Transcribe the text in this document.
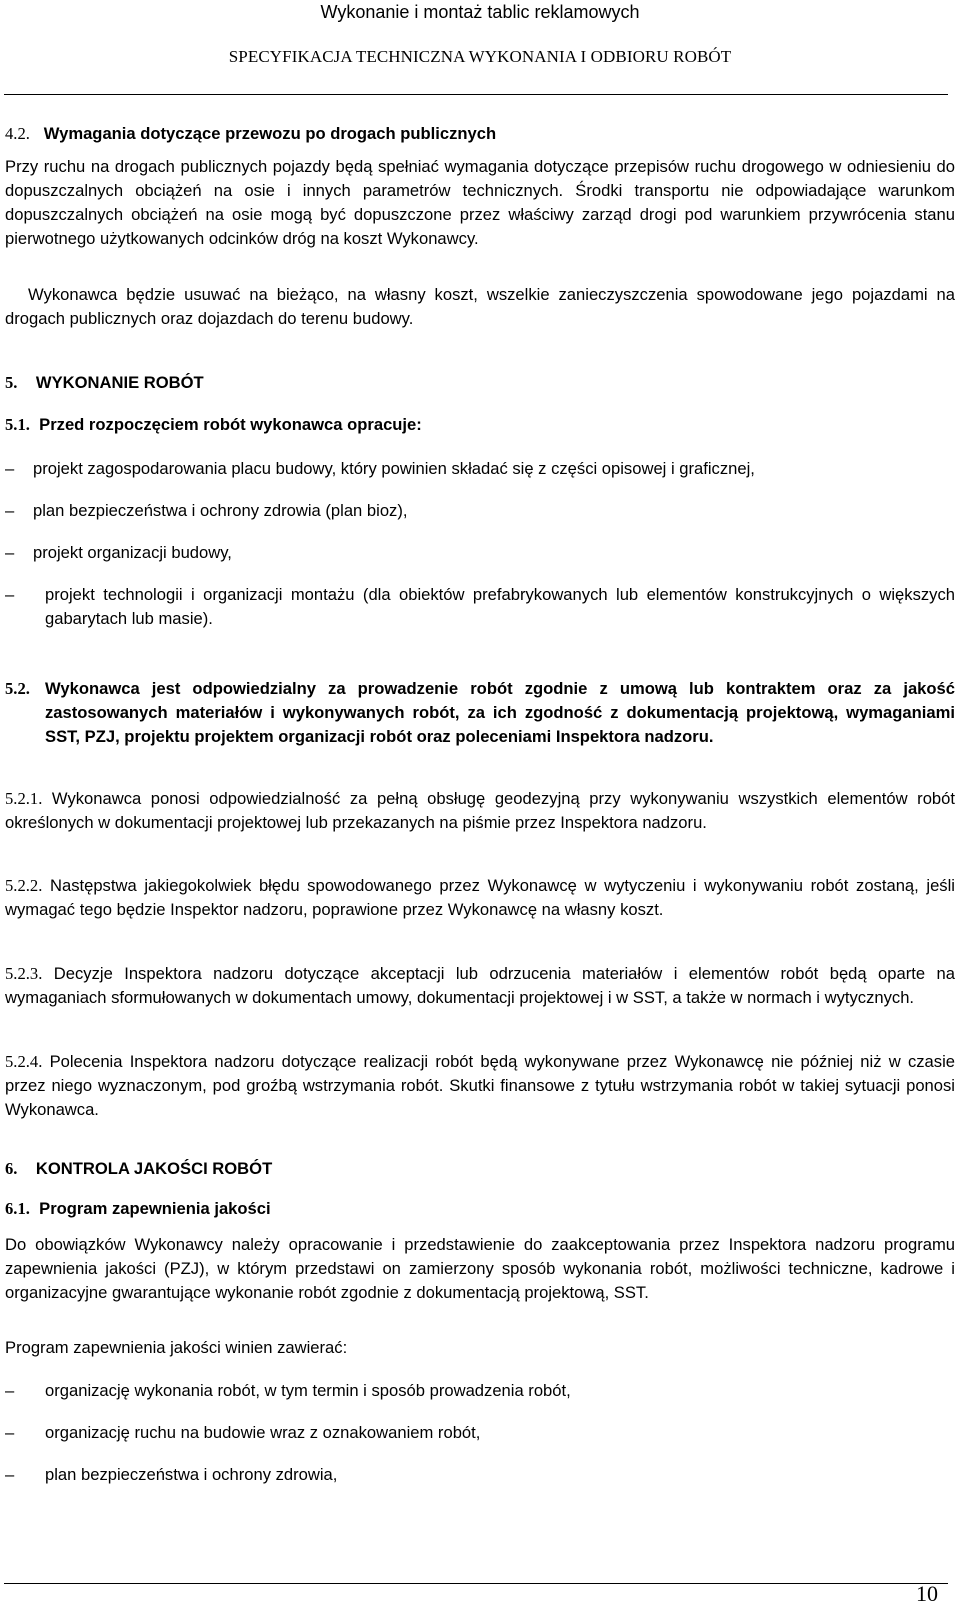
Wykonanie i montaż tablic reklamowych
SPECYFIKACJA TECHNICZNA WYKONANIA I ODBIORU ROBÓT
4.2. Wymagania dotyczące przewozu po drogach publicznych
Przy ruchu na drogach publicznych pojazdy będą spełniać wymagania dotyczące przepisów ruchu drogowego w odniesieniu do dopuszczalnych obciążeń na osie i innych parametrów technicznych. Środki transportu nie odpowiadające warunkom dopuszczalnych obciążeń na osie mogą być dopuszczone przez właściwy zarząd drogi pod warunkiem przywrócenia stanu pierwotnego użytkowanych odcinków dróg na koszt Wykonawcy.
Wykonawca będzie usuwać na bieżąco, na własny koszt, wszelkie zanieczyszczenia spowodowane jego pojazdami na drogach publicznych oraz dojazdach do terenu budowy.
5. WYKONANIE ROBÓT
5.1. Przed rozpoczęciem robót wykonawca opracuje:
–	projekt zagospodarowania placu budowy, który powinien składać się z części opisowej i graficznej,
–	plan bezpieczeństwa i ochrony zdrowia (plan bioz),
–	projekt organizacji budowy,
–	projekt technologii i organizacji montażu (dla obiektów prefabrykowanych lub elementów konstrukcyjnych o większych gabarytach lub masie).
5.2. Wykonawca jest odpowiedzialny za prowadzenie robót zgodnie z umową lub kontraktem oraz za jakość zastosowanych materiałów i wykonywanych robót, za ich zgodność z dokumentacją projektową, wymaganiami SST, PZJ, projektu projektem organizacji robót oraz poleceniami Inspektora nadzoru.
5.2.1. Wykonawca ponosi odpowiedzialność za pełną obsługę geodezyjną przy wykonywaniu wszystkich elementów robót określonych w dokumentacji projektowej lub przekazanych na piśmie przez Inspektora nadzoru.
5.2.2. Następstwa jakiegokolwiek błędu spowodowanego przez Wykonawcę w wytyczeniu i wykonywaniu robót zostaną, jeśli wymagać tego będzie Inspektor nadzoru, poprawione przez Wykonawcę na własny koszt.
5.2.3. Decyzje Inspektora nadzoru dotyczące akceptacji lub odrzucenia materiałów i elementów robót będą oparte na wymaganiach sformułowanych w dokumentach umowy, dokumentacji projektowej i w SST, a także w normach i wytycznych.
5.2.4. Polecenia Inspektora nadzoru dotyczące realizacji robót będą wykonywane przez Wykonawcę nie później niż w czasie przez niego wyznaczonym, pod groźbą wstrzymania robót. Skutki finansowe z tytułu wstrzymania robót w takiej sytuacji ponosi Wykonawca.
6. KONTROLA JAKOŚCI ROBÓT
6.1. Program zapewnienia jakości
Do obowiązków Wykonawcy należy opracowanie i przedstawienie do zaakceptowania przez Inspektora nadzoru programu zapewnienia jakości (PZJ), w którym przedstawi on zamierzony sposób wykonania robót, możliwości techniczne, kadrowe i organizacyjne gwarantujące wykonanie robót zgodnie z dokumentacją projektową, SST.
Program zapewnienia jakości winien zawierać:
–	organizację wykonania robót, w tym termin i sposób prowadzenia robót,
–	organizację ruchu na budowie wraz z oznakowaniem robót,
–	plan bezpieczeństwa i ochrony zdrowia,
10
